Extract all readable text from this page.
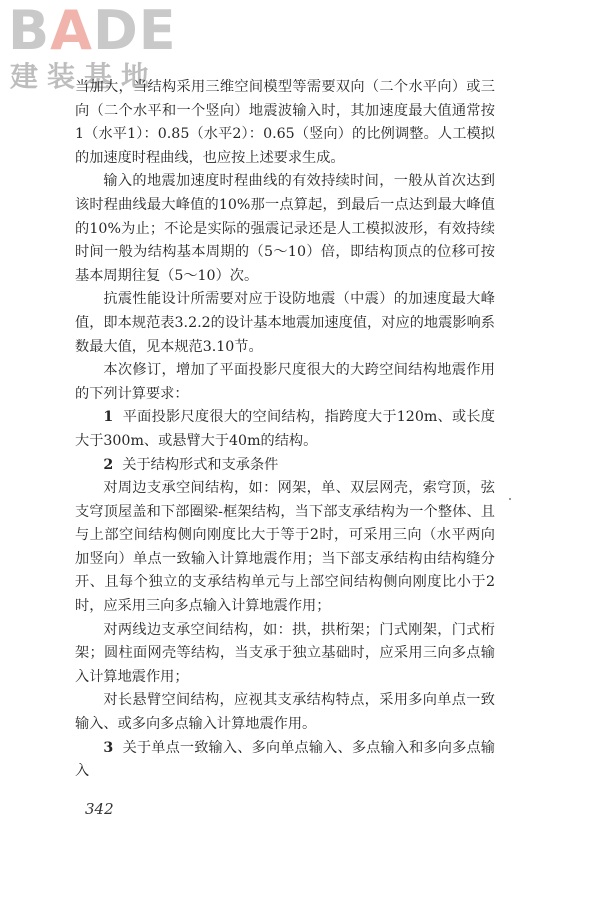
BADE
建装基地

当加大，当结构采用三维空间模型等需要双向（二个水平向）或三向（二个水平和一个竖向）地震波输入时，其加速度最大值通常按1（水平1）：0.85（水平2）：0.65（竖向）的比例调整。人工模拟的加速度时程曲线，也应按上述要求生成。

输入的地震加速度时程曲线的有效持续时间，一般从首次达到该时程曲线最大峰值的10%那一点算起，到最后一点达到最大峰值的10%为止；不论是实际的强震记录还是人工模拟波形，有效持续时间一般为结构基本周期的（5～10）倍，即结构顶点的位移可按基本周期往复（5～10）次。

抗震性能设计所需要对应于设防地震（中震）的加速度最大峰值，即本规范表3.2.2的设计基本地震加速度值，对应的地震影响系数最大值，见本规范3.10节。

本次修订，增加了平面投影尺度很大的大跨空间结构地震作用的下列计算要求：

1 平面投影尺度很大的空间结构，指跨度大于120m、或长度大于300m、或悬臂大于40m的结构。

2 关于结构形式和支承条件

对周边支承空间结构，如：网架，单、双层网壳，索穹顶，弦支穹顶屋盖和下部圈梁-框架结构，当下部支承结构为一个整体、且与上部空间结构侧向刚度比大于等于2时，可采用三向（水平两向加竖向）单点一致输入计算地震作用；当下部支承结构由结构缝分开、且每个独立的支承结构单元与上部空间结构侧向刚度比小于2时，应采用三向多点输入计算地震作用；

对两线边支承空间结构，如：拱，拱桁架；门式刚架，门式桁架；圆柱面网壳等结构，当支承于独立基础时，应采用三向多点输入计算地震作用；

对长悬臂空间结构，应视其支承结构特点，采用多向单点一致输入、或多向多点输入计算地震作用。

3 关于单点一致输入、多向单点输入、多点输入和多向多点输入

342
